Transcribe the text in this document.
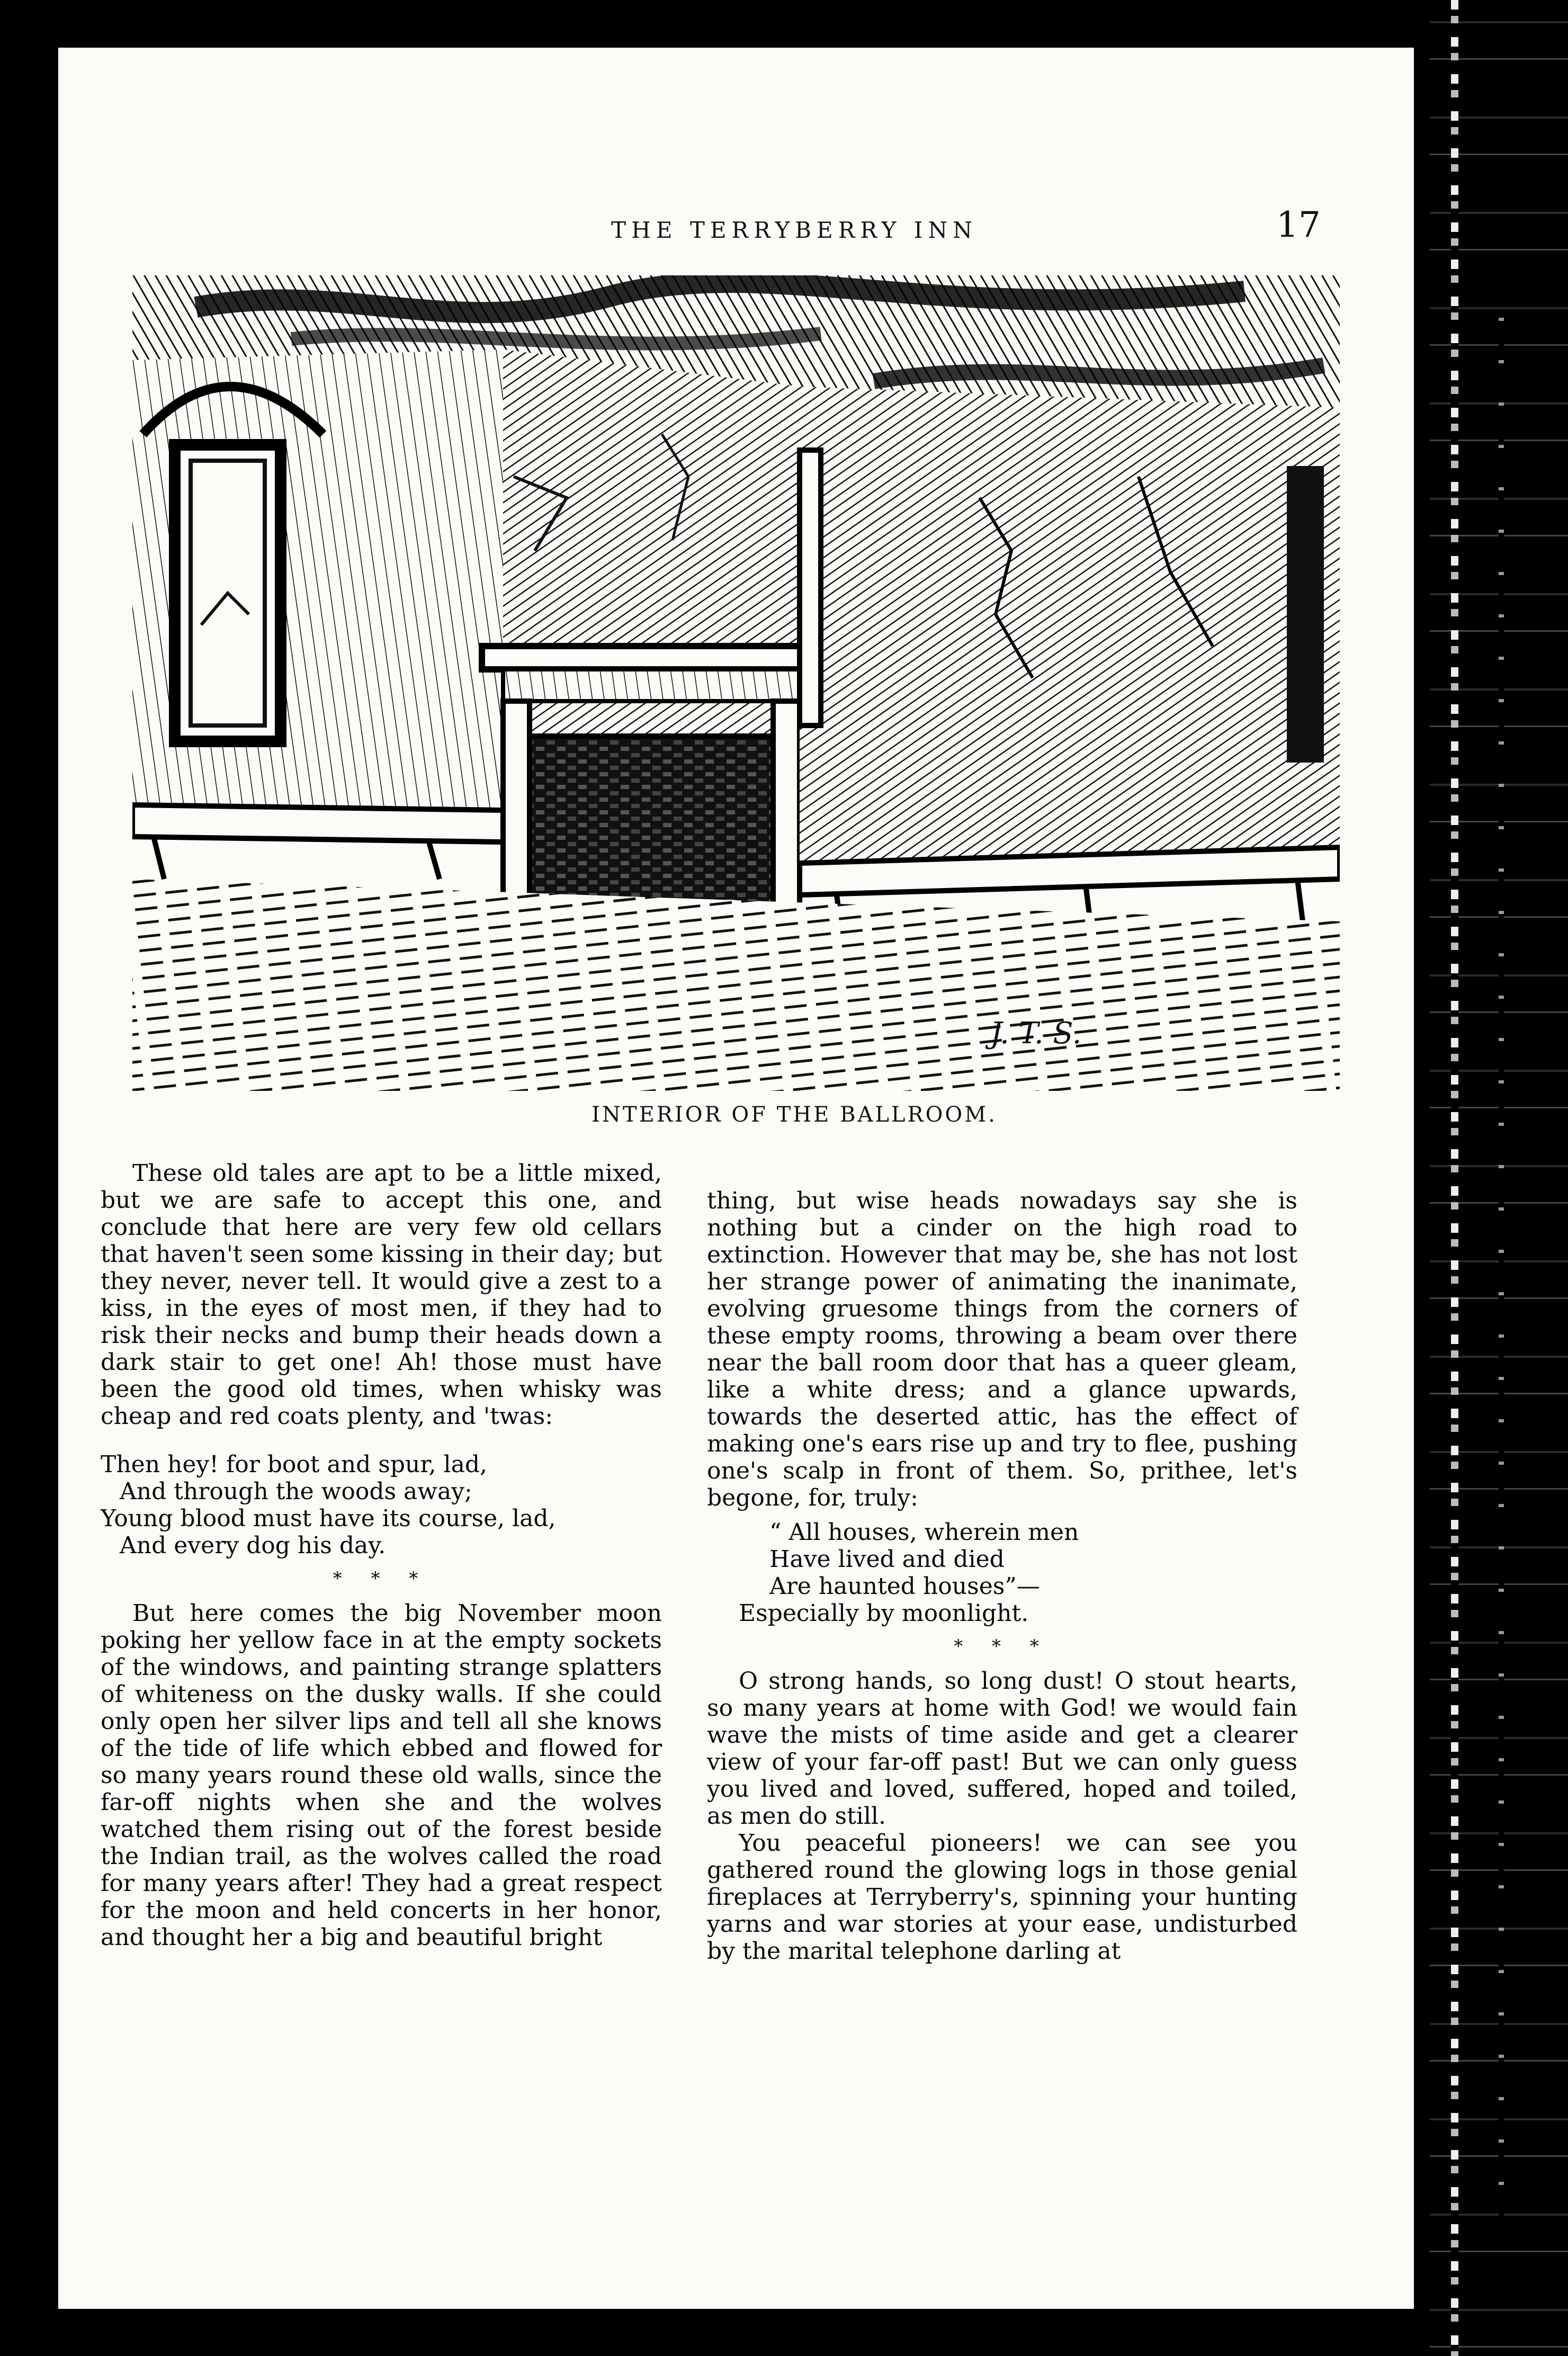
THE TERRYBERRY INN	17
J. T. S.
INTERIOR OF THE BALLROOM.

These old tales are apt to be a little mixed, but we are safe to accept this one, and conclude that here are very few old cellars that haven't seen some kissing in their day; but they never, never tell. It would give a zest to a kiss, in the eyes of most men, if they had to risk their necks and bump their heads down a dark stair to get one! Ah! those must have been the good old times, when whisky was cheap and red coats plenty, and 'twas:

Then hey! for boot and spur, lad,
And through the woods away;
Young blood must have its course, lad,
And every dog his day.
* * *

But here comes the big November moon poking her yellow face in at the empty sockets of the windows, and painting strange splatters of whiteness on the dusky walls. If she could only open her silver lips and tell all she knows of the tide of life which ebbed and flowed for so many years round these old walls, since the far-off nights when she and the wolves watched them rising out of the forest beside the Indian trail, as the wolves called the road for many years after! They had a great respect for the moon and held concerts in her honor, and thought her a big and beautiful bright

thing, but wise heads nowadays say she is nothing but a cinder on the high road to extinction. However that may be, she has not lost her strange power of animating the inanimate, evolving gruesome things from the corners of these empty rooms, throwing a beam over there near the ball room door that has a queer gleam, like a white dress; and a glance upwards, towards the deserted attic, has the effect of making one's ears rise up and try to flee, pushing one's scalp in front of them. So, prithee, let's begone, for, truly:

“ All houses, wherein men
Have lived and died
Are haunted houses”—

Especially by moonlight.

* * *

O strong hands, so long dust! O stout hearts, so many years at home with God! we would fain wave the mists of time aside and get a clearer view of your far-off past! But we can only guess you lived and loved, suffered, hoped and toiled, as men do still.

You peaceful pioneers! we can see you gathered round the glowing logs in those genial fireplaces at Terryberry's, spinning your hunting yarns and war stories at your ease, undisturbed by the marital telephone darling at
